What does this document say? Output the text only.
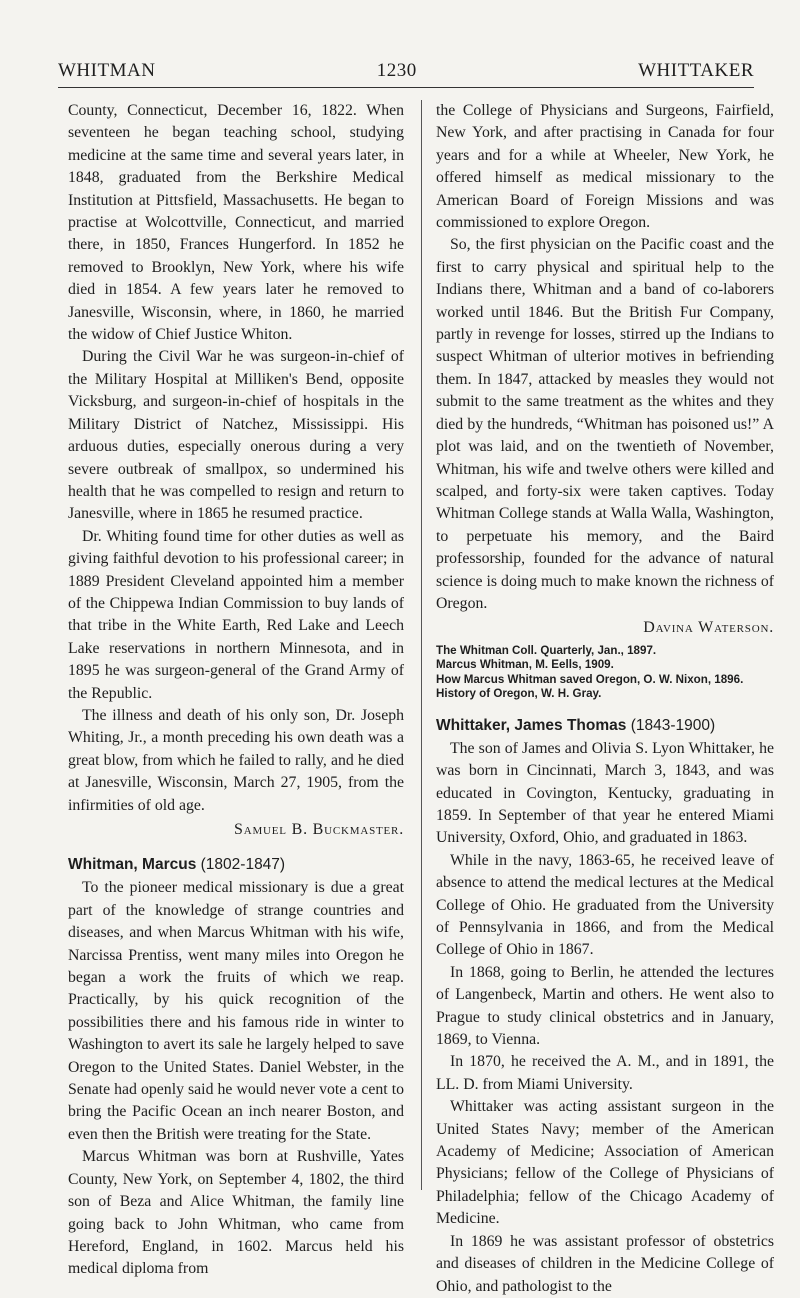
WHITMAN	1230	WHITTAKER

County, Connecticut, December 16, 1822. When seventeen he began teaching school, studying medicine at the same time and several years later, in 1848, graduated from the Berkshire Medical Institution at Pittsfield, Massachusetts. He began to practise at Wolcottville, Connecticut, and married there, in 1850, Frances Hungerford. In 1852 he removed to Brooklyn, New York, where his wife died in 1854. A few years later he removed to Janesville, Wisconsin, where, in 1860, he married the widow of Chief Justice Whiton.

During the Civil War he was surgeon-in-chief of the Military Hospital at Milliken's Bend, opposite Vicksburg, and surgeon-in-chief of hospitals in the Military District of Natchez, Mississippi. His arduous duties, especially onerous during a very severe outbreak of smallpox, so undermined his health that he was compelled to resign and return to Janesville, where in 1865 he resumed practice.

Dr. Whiting found time for other duties as well as giving faithful devotion to his professional career; in 1889 President Cleveland appointed him a member of the Chippewa Indian Commission to buy lands of that tribe in the White Earth, Red Lake and Leech Lake reservations in northern Minnesota, and in 1895 he was surgeon-general of the Grand Army of the Republic.

The illness and death of his only son, Dr. Joseph Whiting, Jr., a month preceding his own death was a great blow, from which he failed to rally, and he died at Janesville, Wisconsin, March 27, 1905, from the infirmities of old age.

Samuel B. Buckmaster.
Whitman, Marcus (1802-1847)

To the pioneer medical missionary is due a great part of the knowledge of strange countries and diseases, and when Marcus Whitman with his wife, Narcissa Prentiss, went many miles into Oregon he began a work the fruits of which we reap. Practically, by his quick recognition of the possibilities there and his famous ride in winter to Washington to avert its sale he largely helped to save Oregon to the United States. Daniel Webster, in the Senate had openly said he would never vote a cent to bring the Pacific Ocean an inch nearer Boston, and even then the British were treating for the State.

Marcus Whitman was born at Rushville, Yates County, New York, on September 4, 1802, the third son of Beza and Alice Whitman, the family line going back to John Whitman, who came from Hereford, England, in 1602. Marcus held his medical diploma from

the College of Physicians and Surgeons, Fairfield, New York, and after practising in Canada for four years and for a while at Wheeler, New York, he offered himself as medical missionary to the American Board of Foreign Missions and was commissioned to explore Oregon.

So, the first physician on the Pacific coast and the first to carry physical and spiritual help to the Indians there, Whitman and a band of co-laborers worked until 1846. But the British Fur Company, partly in revenge for losses, stirred up the Indians to suspect Whitman of ulterior motives in befriending them. In 1847, attacked by measles they would not submit to the same treatment as the whites and they died by the hundreds, “Whitman has poisoned us!” A plot was laid, and on the twentieth of November, Whitman, his wife and twelve others were killed and scalped, and forty-six were taken captives. Today Whitman College stands at Walla Walla, Washington, to perpetuate his memory, and the Baird professorship, founded for the advance of natural science is doing much to make known the richness of Oregon.

Davina Waterson.
The Whitman Coll. Quarterly, Jan., 1897.
Marcus Whitman, M. Eells, 1909.
How Marcus Whitman saved Oregon, O. W. Nixon, 1896.
History of Oregon, W. H. Gray.
Whittaker, James Thomas (1843-1900)

The son of James and Olivia S. Lyon Whittaker, he was born in Cincinnati, March 3, 1843, and was educated in Covington, Kentucky, graduating in 1859. In September of that year he entered Miami University, Oxford, Ohio, and graduated in 1863.

While in the navy, 1863-65, he received leave of absence to attend the medical lectures at the Medical College of Ohio. He graduated from the University of Pennsylvania in 1866, and from the Medical College of Ohio in 1867.

In 1868, going to Berlin, he attended the lectures of Langenbeck, Martin and others. He went also to Prague to study clinical obstetrics and in January, 1869, to Vienna.

In 1870, he received the A. M., and in 1891, the LL. D. from Miami University.

Whittaker was acting assistant surgeon in the United States Navy; member of the American Academy of Medicine; Association of American Physicians; fellow of the College of Physicians of Philadelphia; fellow of the Chicago Academy of Medicine.

In 1869 he was assistant professor of obstetrics and diseases of children in the Medicine College of Ohio, and pathologist to the
